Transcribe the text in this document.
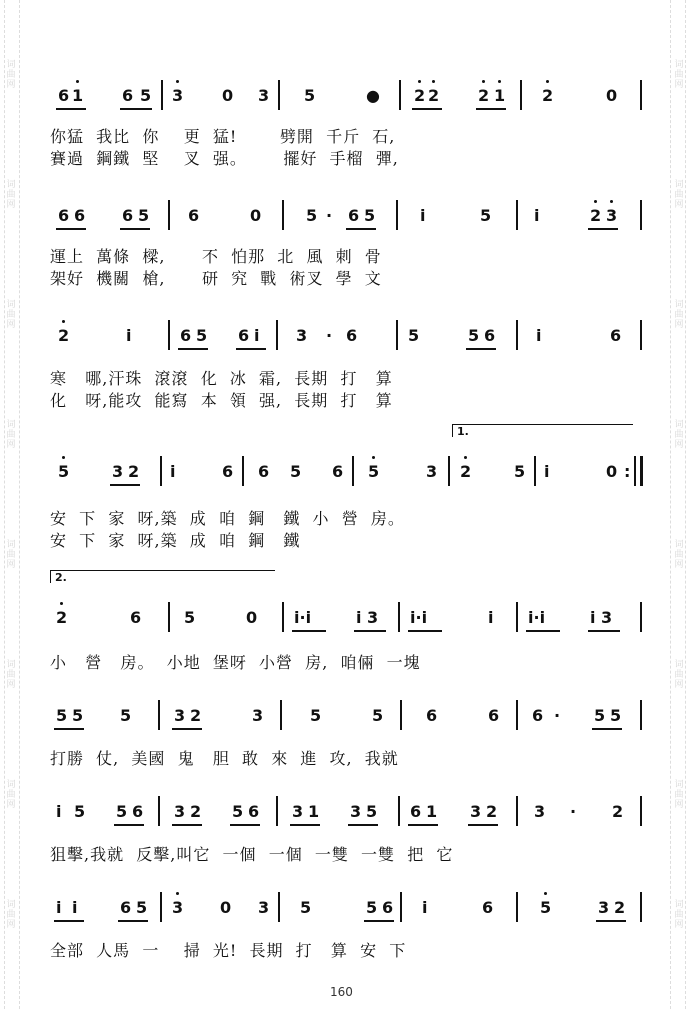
词曲网
词曲网
词曲网
词曲网
词曲网
词曲网
词曲网
词曲网
词曲网
词曲网
词曲网
词曲网
词曲网
词曲网
词曲网
词曲网
6 1 6 5 3 0 3 5	● 2 2 2 1 2	0
你猛  我比  你    更  猛!       劈開  千斤  石,
賽過  鋼鐵  堅    叉  强。      擺好  手榴  彈,
6 6 6 5 6	0	5 · 6 5	i	5	i	2 3
運上  萬條  樑,      不  怕那  北  風  刺  骨
架好  機關  槍,      研  究  戰  術叉  學  文
2	i	6 5 6 i 3 · 6	5	5 6	i	6
寒   哪,汗珠  滾滾  化  冰  霜,  長期  打   算
化   呀,能攻  能寫  本  領  强,  長期  打   算
1.
5	3 2 i	6 6 5 6 5	3 2	5 i	0 :
安  下  家  呀,築  成  咱  鋼   鐵  小  營  房。
安  下  家  呀,築  成  咱  鋼   鐵
2.
2	6	5	0 i·i	i 3 i·i	i i·i	i 3
小   營   房。  小地  堡呀  小營  房,  咱倆  一塊
5 5 5	3 2	3	5	5	6	6 6 · 5 5
打勝  仗,  美國  鬼   胆  敢  來  進  攻,  我就
i 5 5 6 3 2 5 6 3 1 3 5 6 1 3 2 3 · 2
狙擊,我就  反擊,叫它  一個  一個  一雙  一雙  把  它
i i	6 5 3 0 3 5	5 6 i	6	5	3 2
全部  人馬  一    掃  光!  長期  打   算  安  下
160
